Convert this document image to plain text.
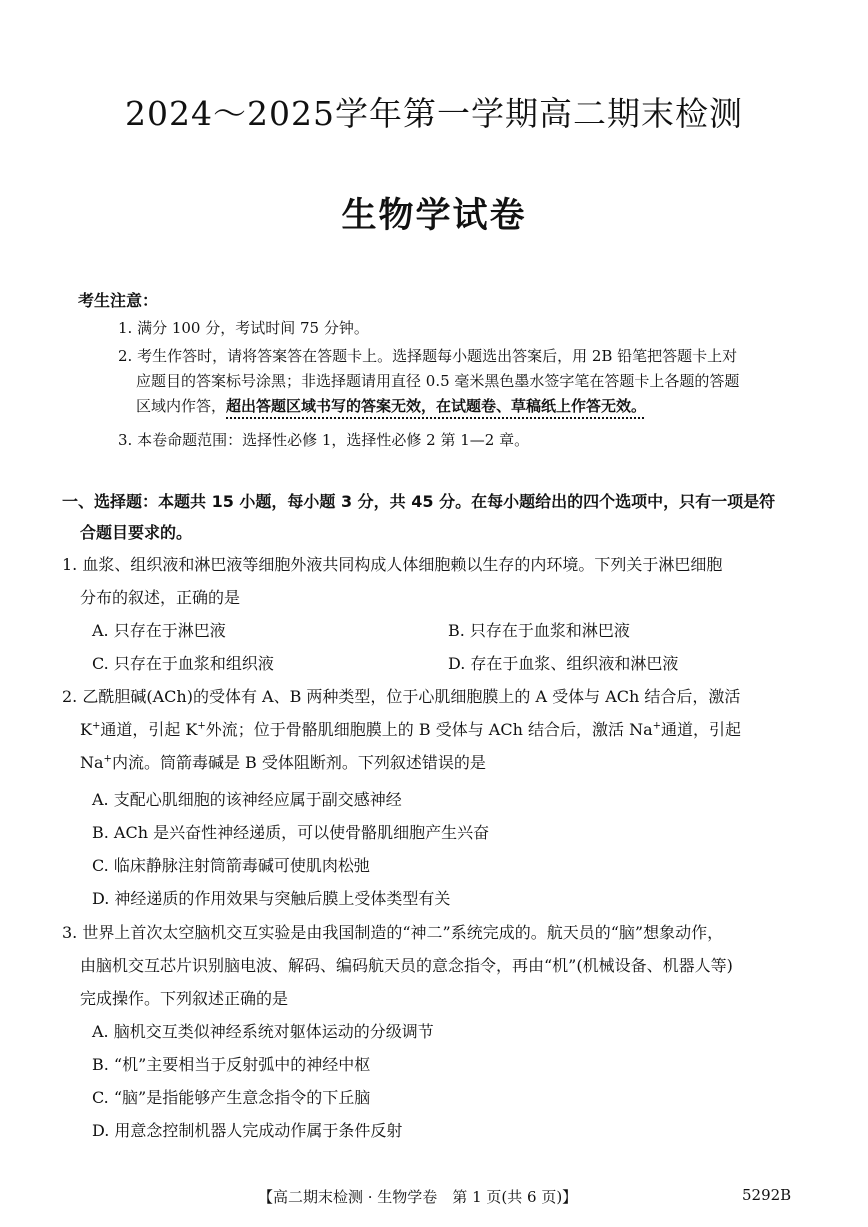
2024～2025学年第一学期高二期末检测
生物学试卷
考生注意：
1. 满分 100 分，考试时间 75 分钟。
2. 考生作答时，请将答案答在答题卡上。选择题每小题选出答案后，用 2B 铅笔把答题卡上对
应题目的答案标号涂黑；非选择题请用直径 0.5 毫米黑色墨水签字笔在答题卡上各题的答题
区域内作答，超出答题区域书写的答案无效，在试题卷、草稿纸上作答无效。
3. 本卷命题范围：选择性必修 1，选择性必修 2 第 1—2 章。
一、选择题：本题共 15 小题，每小题 3 分，共 45 分。在每小题给出的四个选项中，只有一项是符
合题目要求的。
1. 血浆、组织液和淋巴液等细胞外液共同构成人体细胞赖以生存的内环境。下列关于淋巴细胞
分布的叙述，正确的是
A. 只存在于淋巴液	B. 只存在于血浆和淋巴液
C. 只存在于血浆和组织液	D. 存在于血浆、组织液和淋巴液
2. 乙酰胆碱(ACh)的受体有 A、B 两种类型，位于心肌细胞膜上的 A 受体与 ACh 结合后，激活
K+通道，引起 K+外流；位于骨骼肌细胞膜上的 B 受体与 ACh 结合后，激活 Na+通道，引起
Na+内流。筒箭毒碱是 B 受体阻断剂。下列叙述错误的是
A. 支配心肌细胞的该神经应属于副交感神经
B. ACh 是兴奋性神经递质，可以使骨骼肌细胞产生兴奋
C. 临床静脉注射筒箭毒碱可使肌肉松弛
D. 神经递质的作用效果与突触后膜上受体类型有关
3. 世界上首次太空脑机交互实验是由我国制造的“神二”系统完成的。航天员的“脑”想象动作，
由脑机交互芯片识别脑电波、解码、编码航天员的意念指令，再由“机”(机械设备、机器人等)
完成操作。下列叙述正确的是
A. 脑机交互类似神经系统对躯体运动的分级调节
B. “机”主要相当于反射弧中的神经中枢
C. “脑”是指能够产生意念指令的下丘脑
D. 用意念控制机器人完成动作属于条件反射
【高二期末检测 · 生物学卷　第 1 页(共 6 页)】	5292B
